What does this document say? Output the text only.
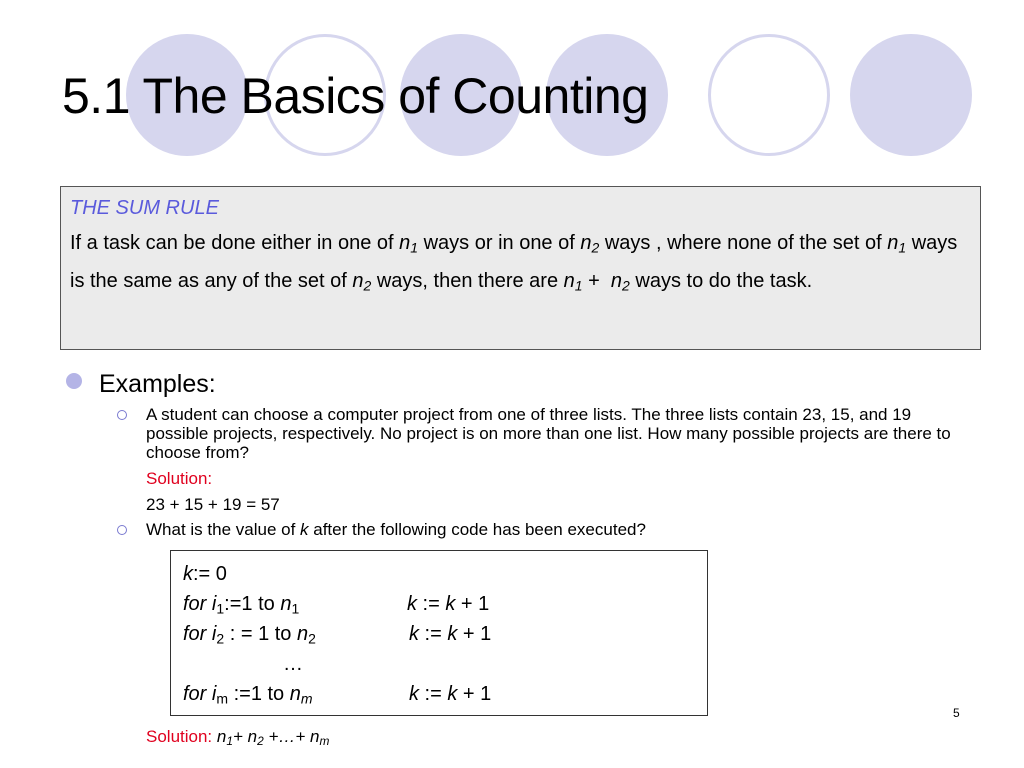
5.1 The Basics of Counting

THE SUM RULE

If a task can be done either in one of $n_1$ ways or in one of $n_2$ ways , where none of the set of $n_1$ ways is the same as any of the set of $n_2$ ways, then there are $n_1 + n_2$ ways to do the task.

Examples:
A student can choose a computer project from one of three lists. The three lists contain 23, 15, and 19 possible projects, respectively. No project is on more than one list. How many possible projects are there to choose from?
Solution:
23 + 15 + 19 = 57
What is the value of k after the following code has been executed?
k:= 0
for $i_1:=1$ to $n_1$	k := k + 1
for $i_2$ : = 1 to $n_2$	k := k + 1
…
for $i_m$ :=1 to $n_m$	k := k + 1
5
Solution: $n_1+ n_2$ +…+ $n_m$
